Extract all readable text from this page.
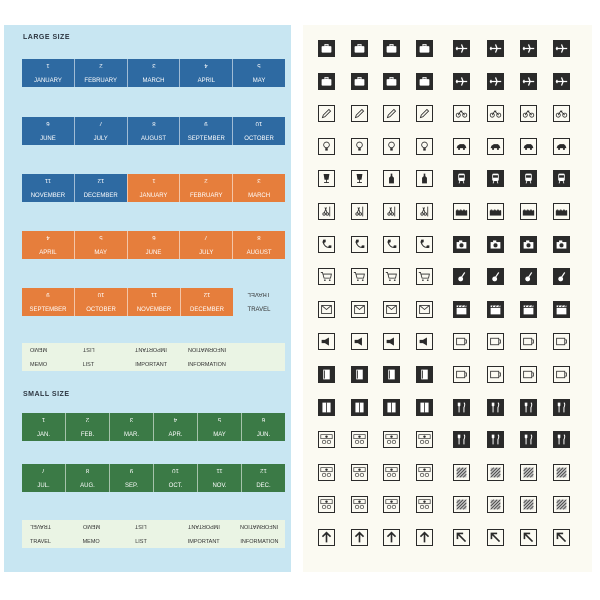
LARGE SIZE
1
JANUARY
2
FEBRUARY
3
MARCH
4
APRIL
5
MAY
6
JUNE
7
JULY
8
AUGUST
9
SEPTEMBER
10
OCTOBER
11
NOVEMBER
12
DECEMBER
1
JANUARY
2
FEBRUARY
3
MARCH
4
APRIL
5
MAY
6
JUNE
7
JULY
8
AUGUST
9
SEPTEMBER
10
OCTOBER
11
NOVEMBER
12
DECEMBER
TRAVEL
TRAVEL
MEMO
MEMO
LIST
LIST
IMPORTANT
IMPORTANT
INFORMATION
INFORMATION
SMALL SIZE
1
JAN.
2
FEB.
3
MAR.
4
APR.
5
MAY
6
JUN.
7
JUL.
8
AUG.
9
SEP.
10
OCT.
11
NOV.
12
DEC.
TRAVEL
TRAVEL
MEMO
MEMO
LIST
LIST
IMPORTANT
IMPORTANT
INFORMATION
INFORMATION
